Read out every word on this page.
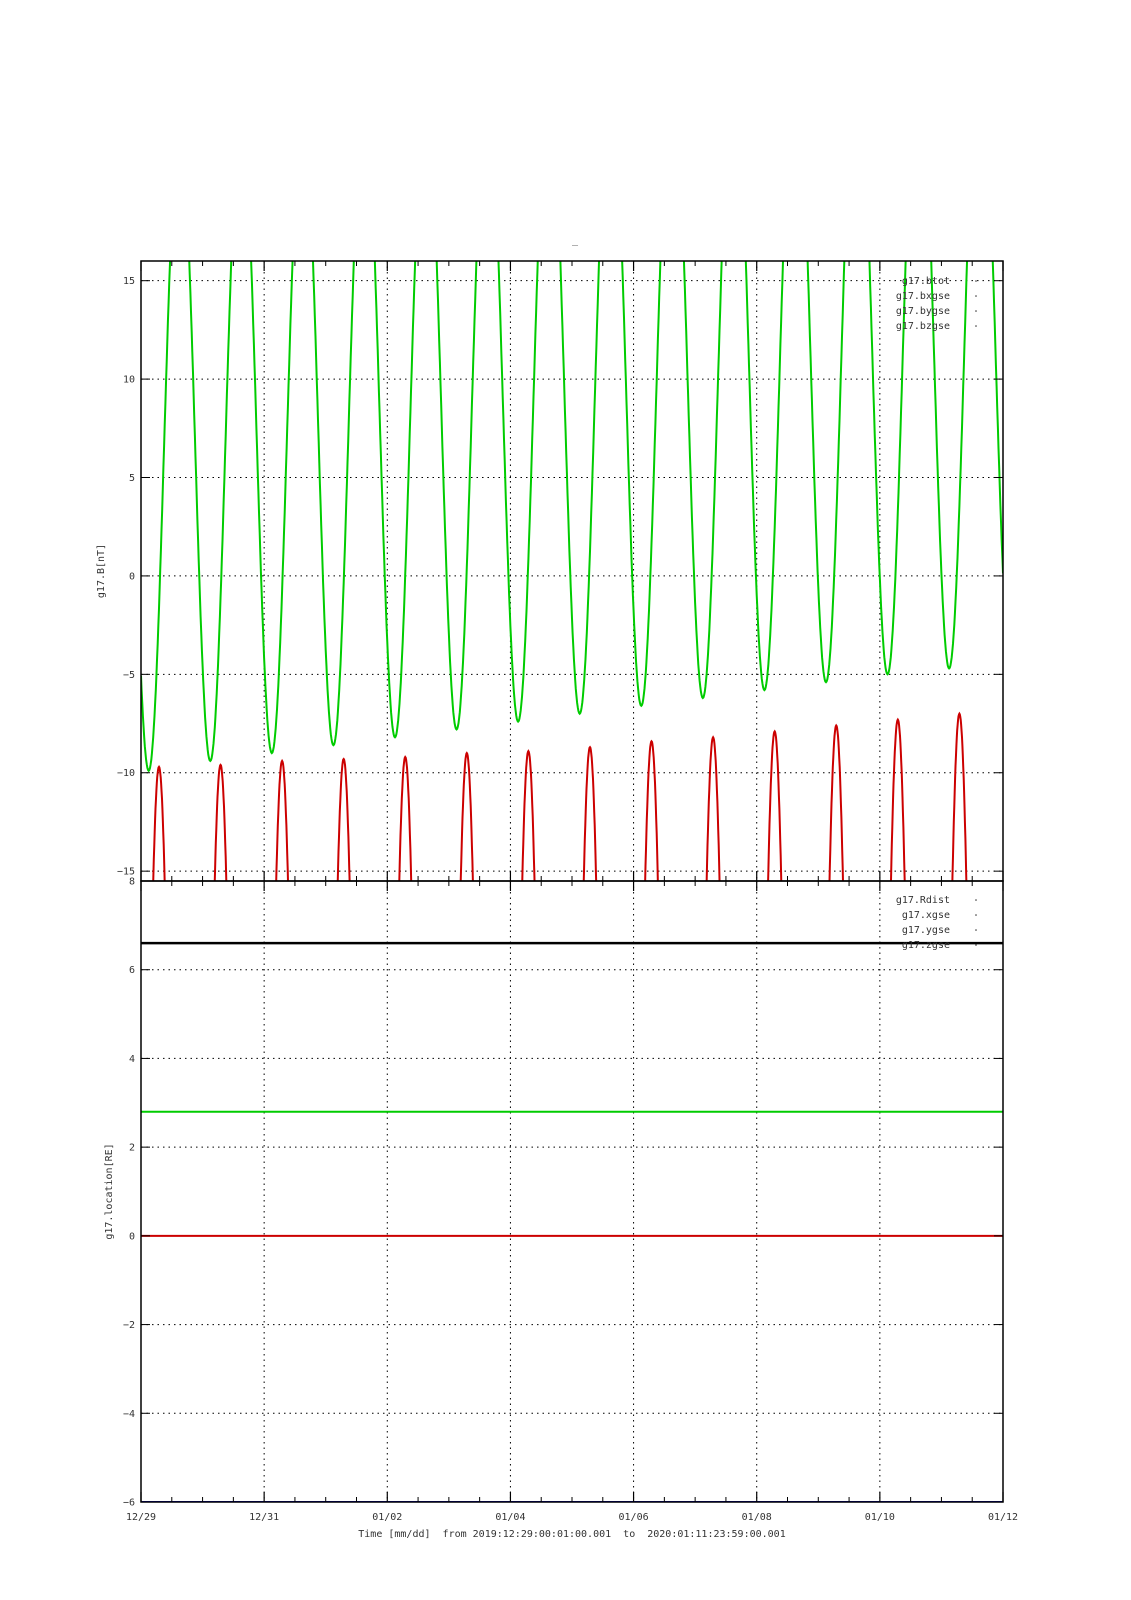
_
15
10
5
0
−5
−10
−15
g17.B[nT]
g17.btot
g17.bxgse
g17.bygse
g17.bzgse
8
6
4
2
0
−2
−4
−6
g17.location[RE]
g17.Rdist
g17.xgse
g17.ygse
g17.zgse
12/29	12/31	01/02	01/04	01/06	01/08	01/10	01/12
Time [mm/dd]  from 2019:12:29:00:01:00.001  to  2020:01:11:23:59:00.001
